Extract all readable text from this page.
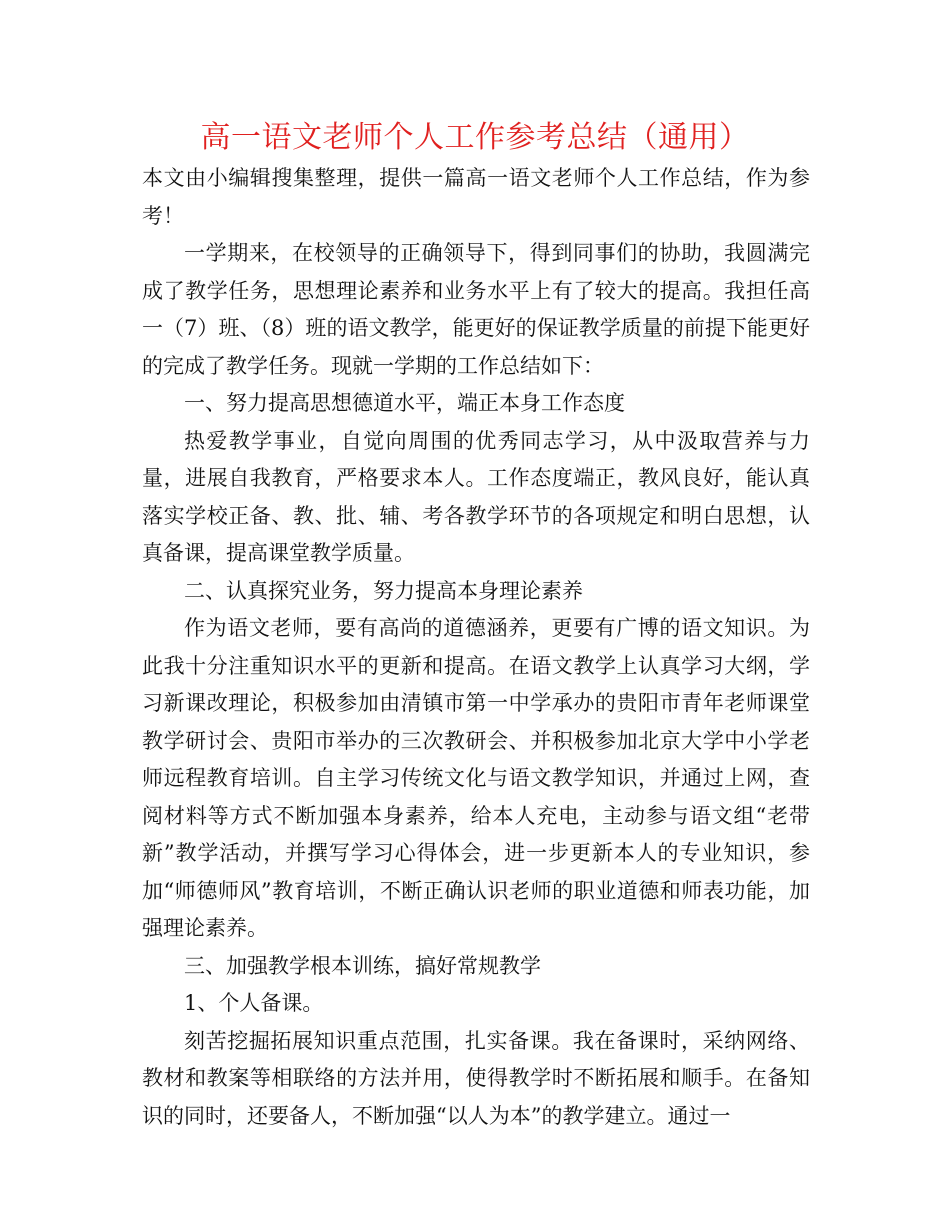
高一语文老师个人工作参考总结（通用）

本文由小编辑搜集整理，提供一篇高一语文老师个人工作总结，作为参考！

一学期来，在校领导的正确领导下，得到同事们的协助，我圆满完成了教学任务，思想理论素养和业务水平上有了较大的提高。我担任高一（7）班、（8）班的语文教学，能更好的保证教学质量的前提下能更好的完成了教学任务。现就一学期的工作总结如下：

一、努力提高思想德道水平，端正本身工作态度

热爱教学事业，自觉向周围的优秀同志学习，从中汲取营养与力量，进展自我教育，严格要求本人。工作态度端正，教风良好，能认真落实学校正备、教、批、辅、考各教学环节的各项规定和明白思想，认真备课，提高课堂教学质量。

二、认真探究业务，努力提高本身理论素养

作为语文老师，要有高尚的道德涵养，更要有广博的语文知识。为此我十分注重知识水平的更新和提高。在语文教学上认真学习大纲，学习新课改理论，积极参加由清镇市第一中学承办的贵阳市青年老师课堂教学研讨会、贵阳市举办的三次教研会、并积极参加北京大学中小学老师远程教育培训。自主学习传统文化与语文教学知识，并通过上网，查阅材料等方式不断加强本身素养，给本人充电，主动参与语文组“老带新”教学活动，并撰写学习心得体会，进一步更新本人的专业知识，参加“师德师风”教育培训，不断正确认识老师的职业道德和师表功能，加强理论素养。

三、加强教学根本训练，搞好常规教学

1、个人备课。

刻苦挖掘拓展知识重点范围，扎实备课。我在备课时，采纳网络、教材和教案等相联络的方法并用，使得教学时不断拓展和顺手。在备知识的同时，还要备人，不断加强“以人为本”的教学建立。通过一
